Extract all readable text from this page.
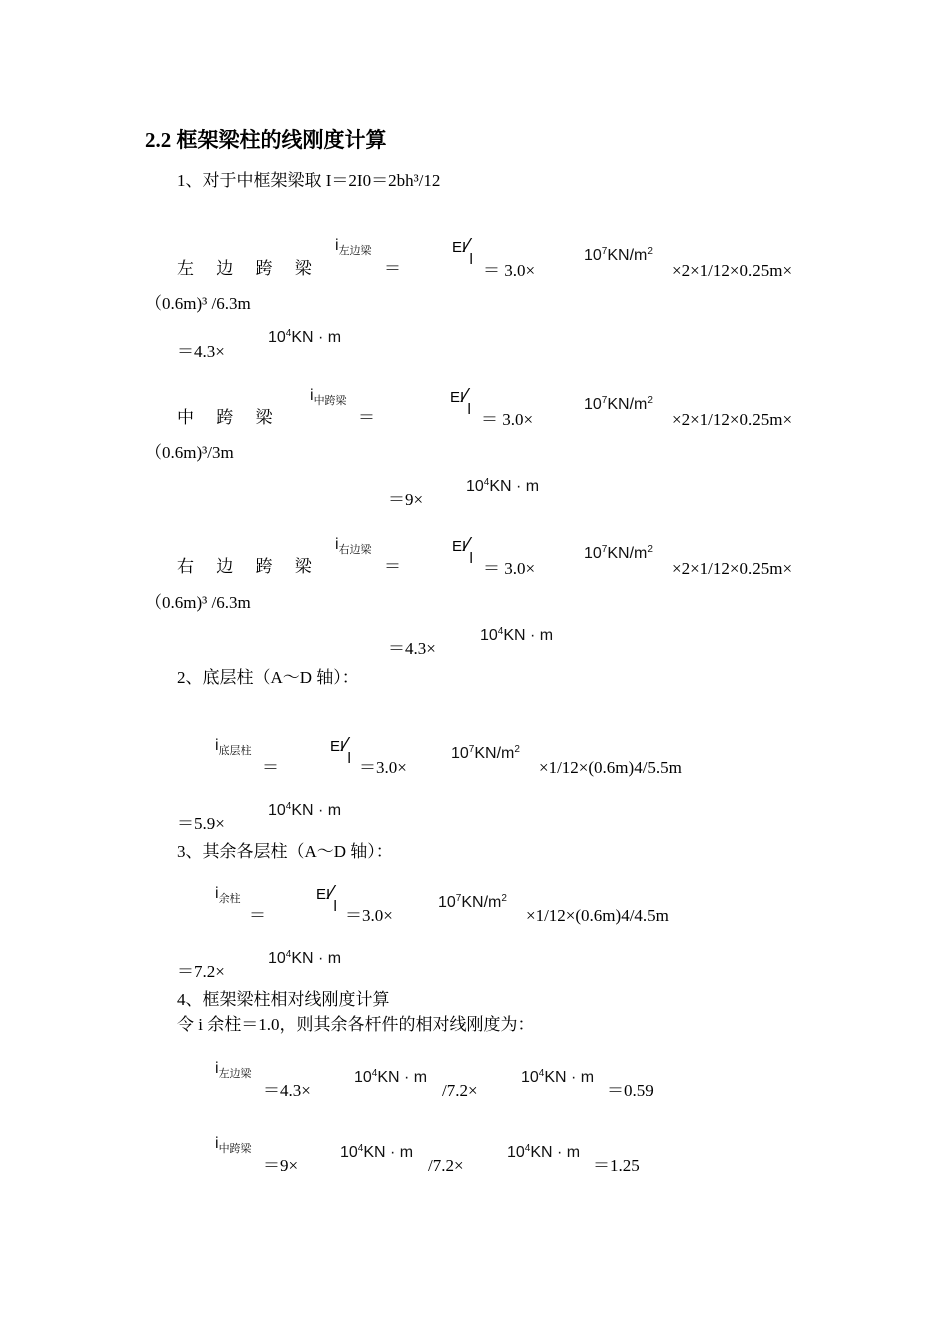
2.2 框架梁柱的线刚度计算
1、对于中框架梁取 I＝2I0＝2bh³/12
左 边 跨 梁
$i_{左边梁}$
＝
EI⁄l
＝ 3.0×
$10^7KN/m^2$
×2×1/12×0.25m×
（0.6m)³ /6.3m
＝4.3×
$10^4KN \cdot m$
中 跨 梁
$i_{中跨梁}$
＝
EI⁄l
＝ 3.0×
$10^7KN/m^2$
×2×1/12×0.25m×
（0.6m)³/3m
＝9×
$10^4KN \cdot m$
右 边 跨 梁
$i_{右边梁}$
＝
EI⁄l
＝ 3.0×
$10^7KN/m^2$
×2×1/12×0.25m×
（0.6m)³ /6.3m
＝4.3×
$10^4KN \cdot m$
2、底层柱（A～D 轴）：
$i_{底层柱}$
＝
EI⁄l ＝3.0×
$10^7KN/m^2$
×1/12×(0.6m)4/5.5m
＝5.9×
$10^4KN \cdot m$
3、其余各层柱（A～D 轴）：
$i_{余柱}$
＝
EI⁄l ＝3.0×
$10^7KN/m^2$
×1/12×(0.6m)4/4.5m
＝7.2×
$10^4KN \cdot m$
4、框架梁柱相对线刚度计算
令 i 余柱＝1.0，则其余各杆件的相对线刚度为：
$i_{左边梁}$
＝4.3×
$10^4KN \cdot m$
/7.2×
$10^4KN \cdot m$
＝0.59
$i_{中跨梁}$
＝9×
$10^4KN \cdot m$
/7.2×
$10^4KN \cdot m$
＝1.25
